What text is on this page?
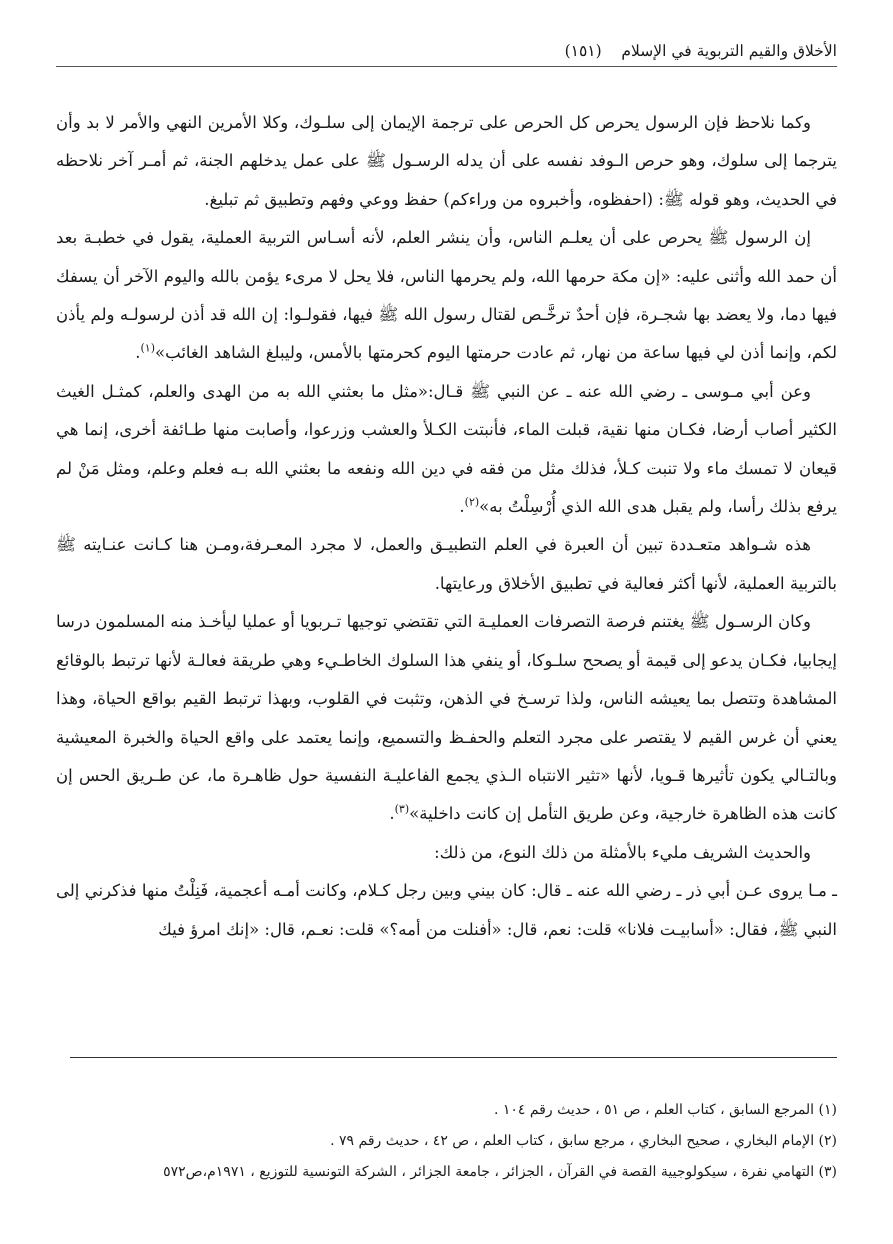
الأخلاق والقيم التربوية في الإسلام    (١٥١)

وكما نلاحظ فإن الرسول يحرص كل الحرص على ترجمة الإيمان إلى سلـوك، وكلا الأمرين النهي والأمر لا بد وأن يترجما إلى سلوك، وهو حرص الـوفد نفسه على أن يدله الرسـول ﷺ على عمل يدخلهم الجنة، ثم أمـر آخر نلاحظه في الحديث، وهو قوله ﷺ: (احفظوه، وأخبروه من وراءكم) حفظ ووعي وفهم وتطبيق ثم تبليغ.

إن الرسول ﷺ يحرص على أن يعلـم الناس، وأن ينشر العلم، لأنه أسـاس التربية العملية، يقول في خطبـة بعد أن حمد الله وأثنى عليه: «إن مكة حرمها الله، ولم يحرمها الناس، فلا يحل لا مرىء يؤمن بالله واليوم الآخر أن يسفك فيها دما، ولا يعضد بها شجـرة، فإن أحدٌ ترخَّـص لقتال رسول الله ﷺ فيها، فقولـوا: إن الله قد أذن لرسولـه ولم يأذن لكم، وإنما أذن لي فيها ساعة من نهار، ثم عادت حرمتها اليوم كحرمتها بالأمس، وليبلغ الشاهد الغائب»$^{(١)}$.

وعن أبي مـوسى ـ رضي الله عنه ـ عن النبي ﷺ قـال:«مثل ما بعثني الله به من الهدى والعلم، كمثـل الغيث الكثير أصاب أرضا، فكـان منها نقية، قبلت الماء، فأنبتت الكـلأ والعشب وزرعوا، وأصابت منها طـائفة أخرى، إنما هي قيعان لا تمسك ماء ولا تنبت كـلأ، فذلك مثل من فقه في دين الله ونفعه ما بعثني الله بـه فعلم وعلم، ومثل مَنْ لم يرفع بذلك رأسا، ولم يقبل هدى الله الذي أُرْسِلْتُ به»$^{(٢)}$.

هذه شـواهد متعـددة تبين أن العبرة في العلم التطبيـق والعمل، لا مجرد المعـرفة،ومـن هنا كـانت عنـايته ﷺ بالتربية العملية، لأنها أكثر فعالية في تطبيق الأخلاق ورعايتها.

وكان الرسـول ﷺ يغتنم فرصة التصرفات العمليـة التي تقتضي توجيها تـربويا أو عمليا ليأخـذ منه المسلمون درسا إيجابيا، فكـان يدعو إلى قيمة أو يصحح سلـوكا، أو ينفي هذا السلوك الخاطـيء وهي طريقة فعالـة لأنها ترتبط بالوقائع المشاهدة وتتصل بما يعيشه الناس، ولذا ترسـخ في الذهن، وتثبت في القلوب، وبهذا ترتبط القيم بواقع الحياة، وهذا يعني أن غرس القيم لا يقتصر على مجرد التعلم والحفـظ والتسميع، وإنما يعتمد على واقع الحياة والخبرة المعيشية وبالتـالي يكون تأثيرها قـويا، لأنها «تثير الانتباه الـذي يجمع الفاعليـة النفسية حول ظاهـرة ما، عن طـريق الحس إن كانت هذه الظاهرة خارجية، وعن طريق التأمل إن كانت داخلية»$^{(٣)}$.

والحديث الشريف مليء بالأمثلة من ذلك النوع، من ذلك:

ـ مـا يروى عـن أبي ذر ـ رضي الله عنه ـ قال: كان بيني وبين رجل كـلام، وكانت أمـه أعجمية، فَنِلْتُ منها فذكرني إلى النبي ﷺ، فقال: «أسابيـت فلانا» قلت: نعم، قال: «أفنلت من أمه؟» قلت: نعـم، قال: «إنك امرؤ فيك

(١) المرجع السابق ، كتاب العلم ، ص ٥١ ، حديث رقم ١٠٤ .
(٢) الإمام البخاري ، صحيح البخاري ، مرجع سابق ، كتاب العلم ، ص ٤٢ ، حديث رقم ٧٩ .
(٣) التهامي نفرة ، سيكولوجيية القصة في القرآن ، الجزائر ، جامعة الجزائر ، الشركة التونسية للتوزيع ، ١٩٧١م،ص٥٧٢
